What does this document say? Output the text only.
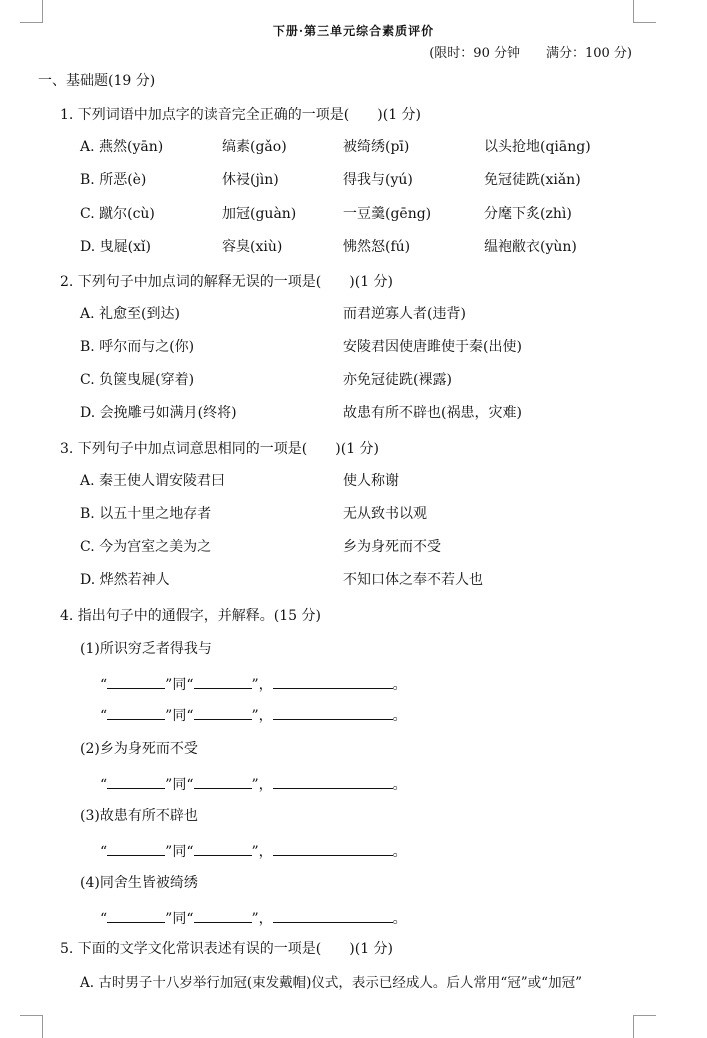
下册·第三单元综合素质评价
(限时：90 分钟　　满分：100 分)
一、基础题(19 分)
1. 下列词语中加点字的读音完全正确的一项是(　　)(1 分)
A. 燕然(yān)	缟素(gǎo)	被绮绣(pī)	以头抢地(qiāng)
B. 所恶(è)	休祲(jìn)	得我与(yú)	免冠徒跣(xiǎn)
C. 蹴尔(cù)	加冠(guàn)	一豆羹(gēng)	分麾下炙(zhì)
D. 曳屣(xǐ)	容臭(xiù)	怫然怒(fú)	缊袍敝衣(yùn)
2. 下列句子中加点词的解释无误的一项是(　　)(1 分)
A. 礼愈至(到达)	而君逆寡人者(违背)
B. 呼尔而与之(你)	安陵君因使唐雎使于秦(出使)
C. 负箧曳屣(穿着)	亦免冠徒跣(裸露)
D. 会挽雕弓如满月(终将)	故患有所不辟也(祸患，灾难)
3. 下列句子中加点词意思相同的一项是(　　)(1 分)
A. 秦王使人谓安陵君曰	使人称谢
B. 以五十里之地存者	无从致书以观
C. 今为宫室之美为之	乡为身死而不受
D. 烨然若神人	不知口体之奉不若人也
4. 指出句子中的通假字，并解释。(15 分)
(1)所识穷乏者得我与
“	”同“	”，	。
“	”同“	”，	。
(2)乡为身死而不受
“	”同“	”，	。
(3)故患有所不辟也
“	”同“	”，	。
(4)同舍生皆被绮绣
“	”同“	”，	。
5. 下面的文学文化常识表述有误的一项是(　　)(1 分)
A. 古时男子十八岁举行加冠(束发戴帽)仪式，表示已经成人。后人常用“冠”或“加冠”
